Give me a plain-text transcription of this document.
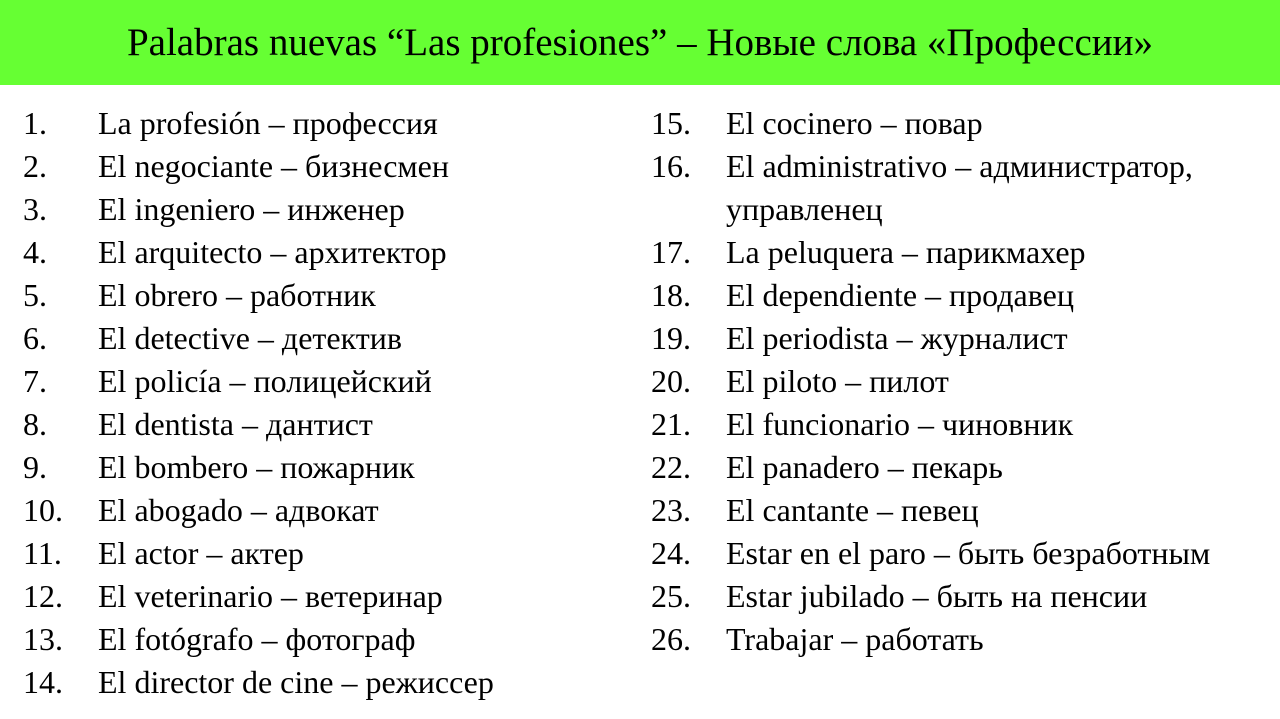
Palabras nuevas “Las profesiones” – Новые слова «Профессии»
1.	La profesión – профессия
2.	El negociante – бизнесмен
3.	El ingeniero – инженер
4.	El arquitecto – архитектор
5.	El obrero – работник
6.	El detective – детектив
7.	El policía – полицейский
8.	El dentista – дантист
9.	El bombero – пожарник
10.	El abogado – адвокат
11.	El actor – актер
12.	El veterinario – ветеринар
13.	El fotógrafo – фотограф
14.	El director de cine – режиссер
15.	El cocinero – повар
16.	El administrativo – администратор, управленец
17.	La peluquera – парикмахер
18.	El dependiente – продавец
19.	El periodista – журналист
20.	El piloto – пилот
21.	El funcionario – чиновник
22.	El panadero – пекарь
23.	El cantante – певец
24.	Estar en el paro – быть безработным
25.	Estar jubilado – быть на пенсии
26.	Trabajar – работать
